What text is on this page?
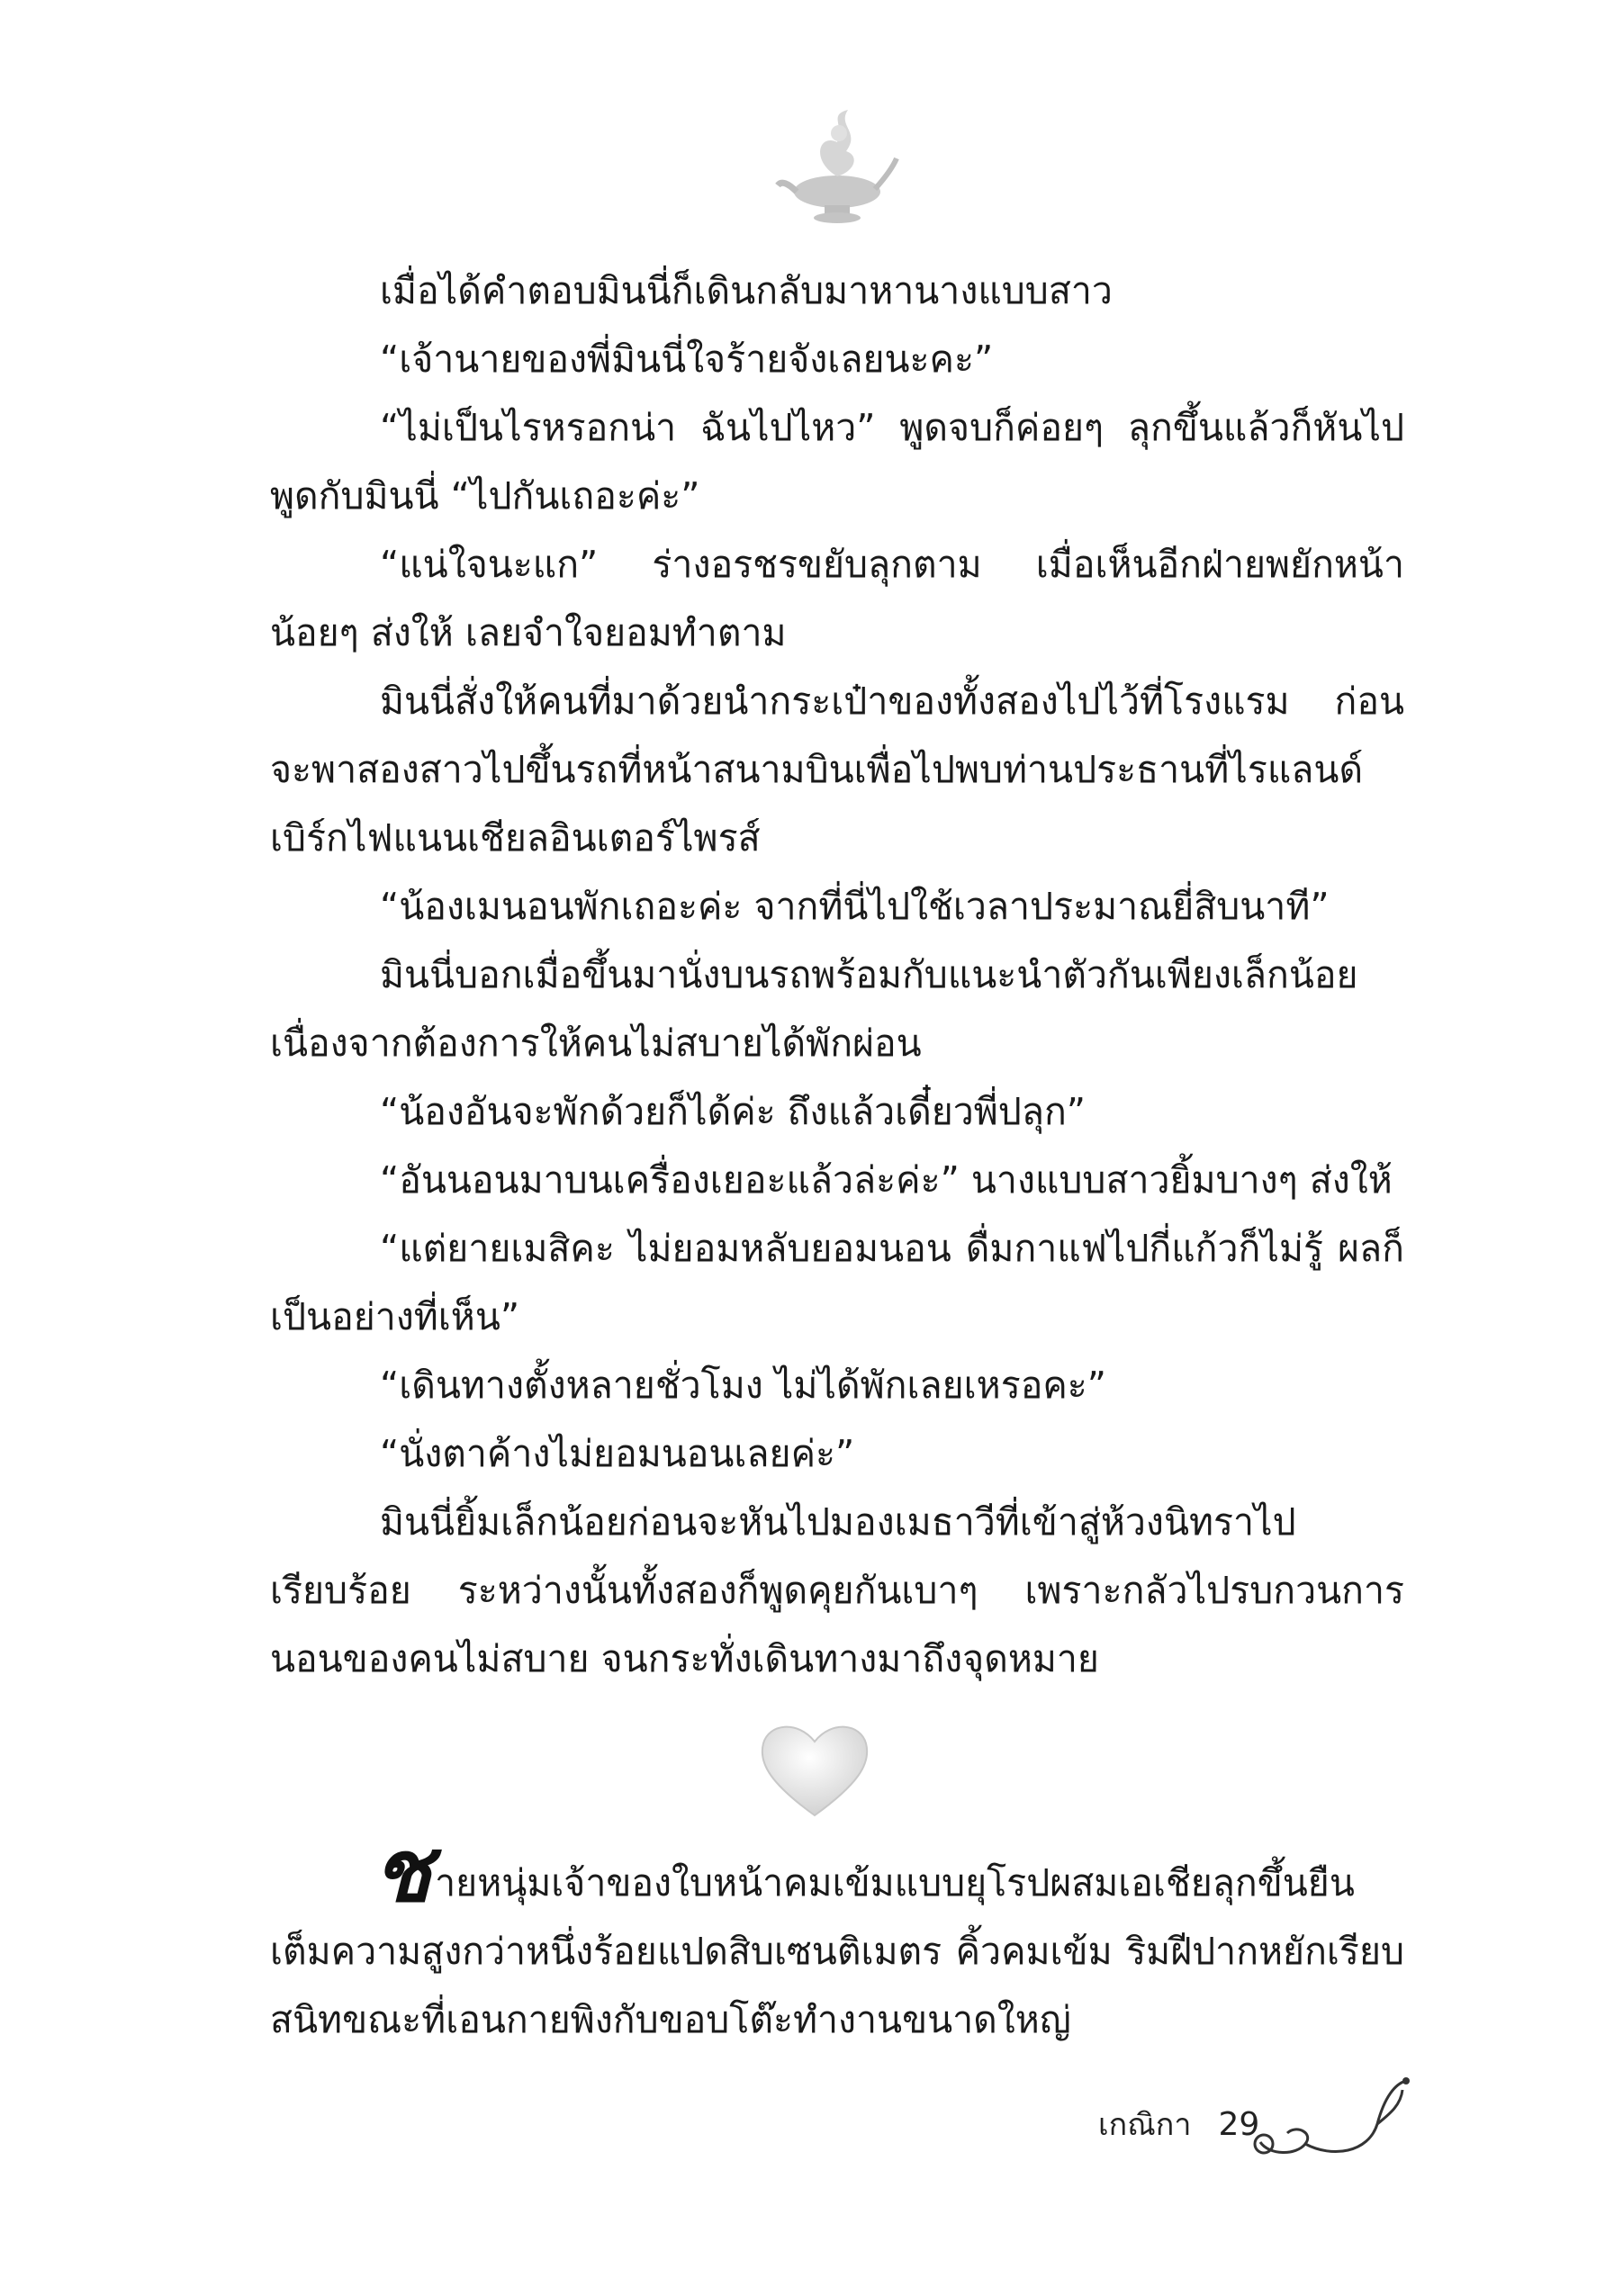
เมื่อได้คำตอบมินนี่ก็เดินกลับมาหานางแบบสาว

“เจ้านายของพี่มินนี่ใจร้ายจังเลยนะคะ”

“ไม่เป็นไรหรอกน่า ฉันไปไหว” พูดจบก็ค่อยๆ ลุกขึ้นแล้วก็หันไปพูดกับมินนี่ “ไปกันเถอะค่ะ”

“แน่ใจนะแก” ร่างอรชรขยับลุกตาม เมื่อเห็นอีกฝ่ายพยักหน้าน้อยๆ ส่งให้ เลยจำใจยอมทำตาม

มินนี่สั่งให้คนที่มาด้วยนำกระเป๋าของทั้งสองไปไว้ที่โรงแรม ก่อนจะพาสองสาวไปขึ้นรถที่หน้าสนามบินเพื่อไปพบท่านประธานที่ไรแลนด์เบิร์กไฟแนนเชียลอินเตอร์ไพรส์

“น้องเมนอนพักเถอะค่ะ จากที่นี่ไปใช้เวลาประมาณยี่สิบนาที”

มินนี่บอกเมื่อขึ้นมานั่งบนรถพร้อมกับแนะนำตัวกันเพียงเล็กน้อยเนื่องจากต้องการให้คนไม่สบายได้พักผ่อน

“น้องอันจะพักด้วยก็ได้ค่ะ ถึงแล้วเดี๋ยวพี่ปลุก”

“อันนอนมาบนเครื่องเยอะแล้วล่ะค่ะ” นางแบบสาวยิ้มบางๆ ส่งให้

“แต่ยายเมสิคะ ไม่ยอมหลับยอมนอน ดื่มกาแฟไปกี่แก้วก็ไม่รู้ ผลก็เป็นอย่างที่เห็น”

“เดินทางตั้งหลายชั่วโมง ไม่ได้พักเลยเหรอคะ”

“นั่งตาค้างไม่ยอมนอนเลยค่ะ”

มินนี่ยิ้มเล็กน้อยก่อนจะหันไปมองเมธาวีที่เข้าสู่ห้วงนิทราไปเรียบร้อย ระหว่างนั้นทั้งสองก็พูดคุยกันเบาๆ เพราะกลัวไปรบกวนการนอนของคนไม่สบาย จนกระทั่งเดินทางมาถึงจุดหมาย

ชายหนุ่มเจ้าของใบหน้าคมเข้มแบบยุโรปผสมเอเชียลุกขึ้นยืนเต็มความสูงกว่าหนึ่งร้อยแปดสิบเซนติเมตร คิ้วคมเข้ม ริมฝีปากหยักเรียบสนิทขณะที่เอนกายพิงกับขอบโต๊ะทำงานขนาดใหญ่

เกณิกา 29
